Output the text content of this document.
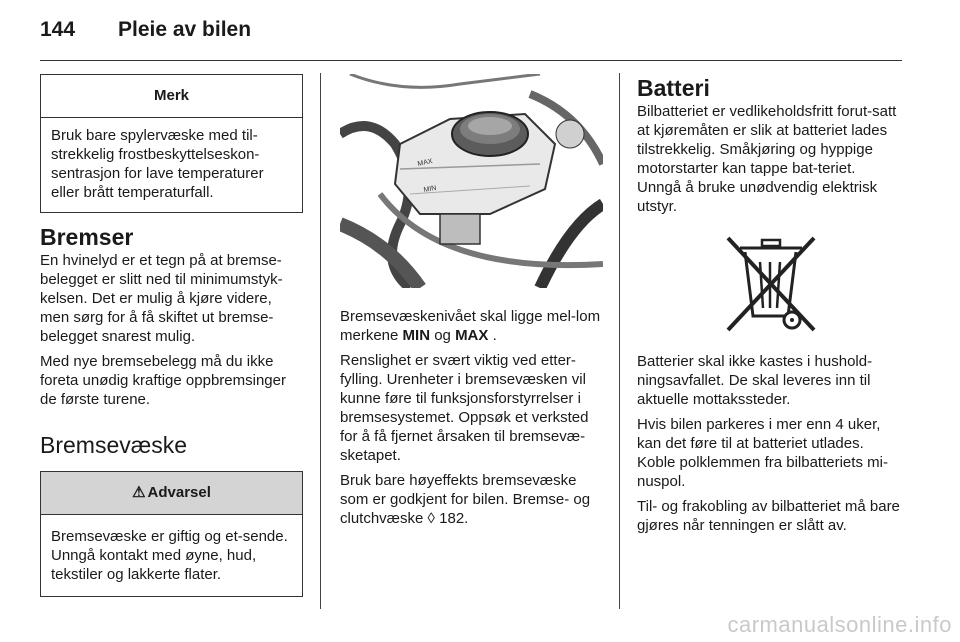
144	Pleie av bilen
Merk
Bruk bare spylervæske med til-strekkelig frostbeskyttelseskon-sentrasjon for lave temperaturer eller brått temperaturfall.
Bremser

En hvinelyd er et tegn på at bremse-belegget er slitt ned til minimumstyk-kelsen. Det er mulig å kjøre videre, men sørg for å få skiftet ut bremse-belegget snarest mulig.

Med nye bremsebelegg må du ikke foreta unødig kraftige oppbremsinger de første turene.

Bremsevæske
⚠ Advarsel
Bremsevæske er giftig og et-sende. Unngå kontakt med øyne, hud, tekstiler og lakkerte flater.
MAX
MIN

Bremsevæskenivået skal ligge mel-lom merkene MIN og MAX .

Renslighet er svært viktig ved etter-fylling. Urenheter i bremsevæsken vil kunne føre til funksjonsforstyrrelser i bremsesystemet. Oppsøk et verksted for å få fjernet årsaken til bremsevæ-sketapet.

Bruk bare høyeffekts bremsevæske som er godkjent for bilen. Bremse- og clutchvæske ◊ 182.

Batteri

Bilbatteriet er vedlikeholdsfritt forut-satt at kjøremåten er slik at batteriet lades tilstrekkelig. Småkjøring og hyppige motorstarter kan tappe bat-teriet. Unngå å bruke unødvendig elektrisk utstyr.

Batterier skal ikke kastes i hushold-ningsavfallet. De skal leveres inn til aktuelle mottakssteder.

Hvis bilen parkeres i mer enn 4 uker, kan det føre til at batteriet utlades. Koble polklemmen fra bilbatteriets mi-nuspol.

Til- og frakobling av bilbatteriet må bare gjøres når tenningen er slått av.

carmanualsonline.info
